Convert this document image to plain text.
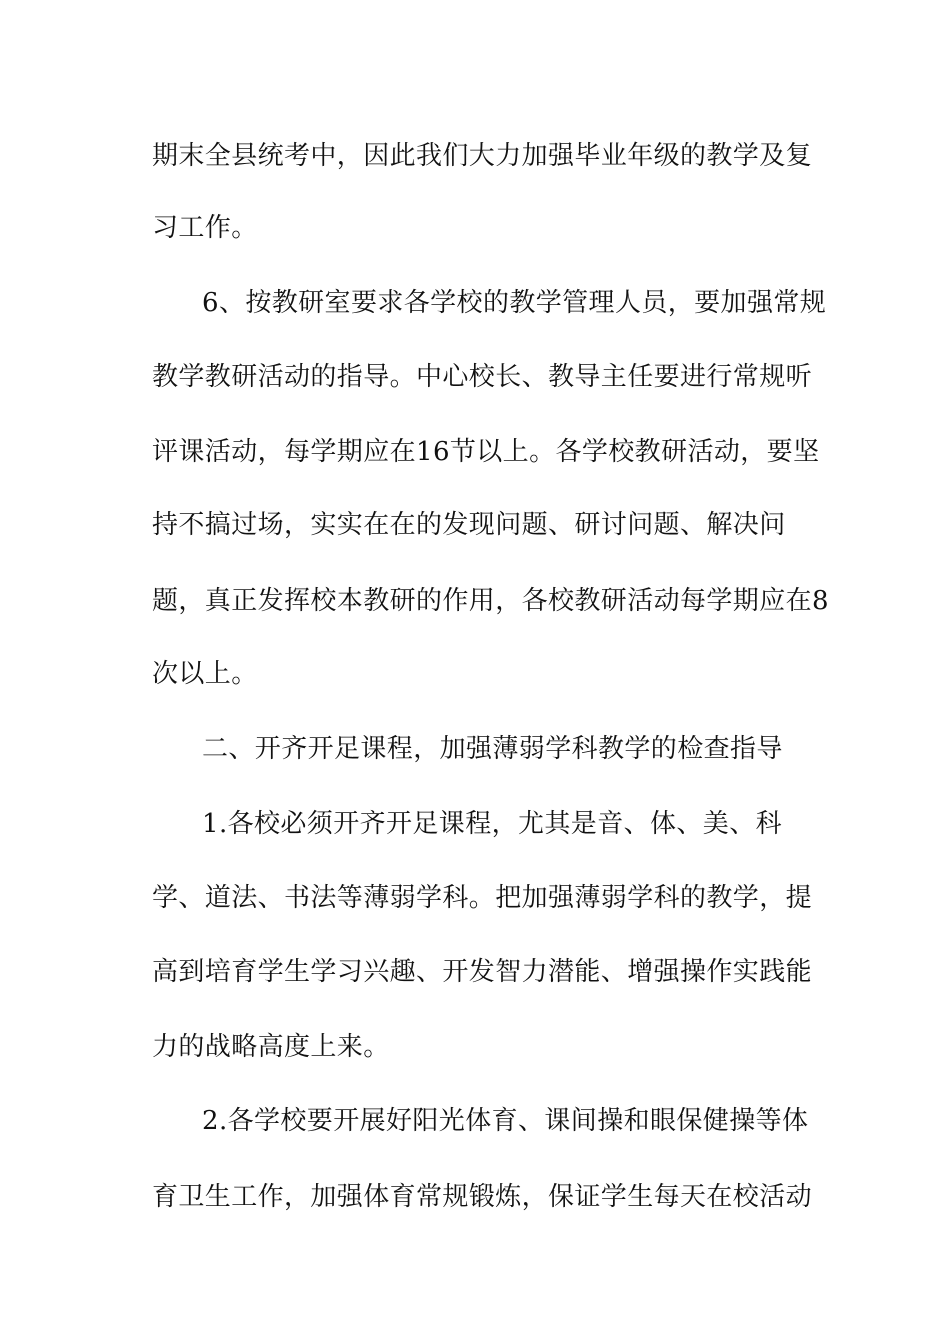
期末全县统考中，因此我们大力加强毕业年级的教学及复
习工作。
6、按教研室要求各学校的教学管理人员，要加强常规
教学教研活动的指导。中心校长、教导主任要进行常规听
评课活动，每学期应在16节以上。各学校教研活动，要坚
持不搞过场，实实在在的发现问题、研讨问题、解决问
题，真正发挥校本教研的作用，各校教研活动每学期应在8
次以上。
二、开齐开足课程，加强薄弱学科教学的检查指导
1.各校必须开齐开足课程，尤其是音、体、美、科
学、道法、书法等薄弱学科。把加强薄弱学科的教学，提
高到培育学生学习兴趣、开发智力潜能、增强操作实践能
力的战略高度上来。
2.各学校要开展好阳光体育、课间操和眼保健操等体
育卫生工作，加强体育常规锻炼，保证学生每天在校活动
